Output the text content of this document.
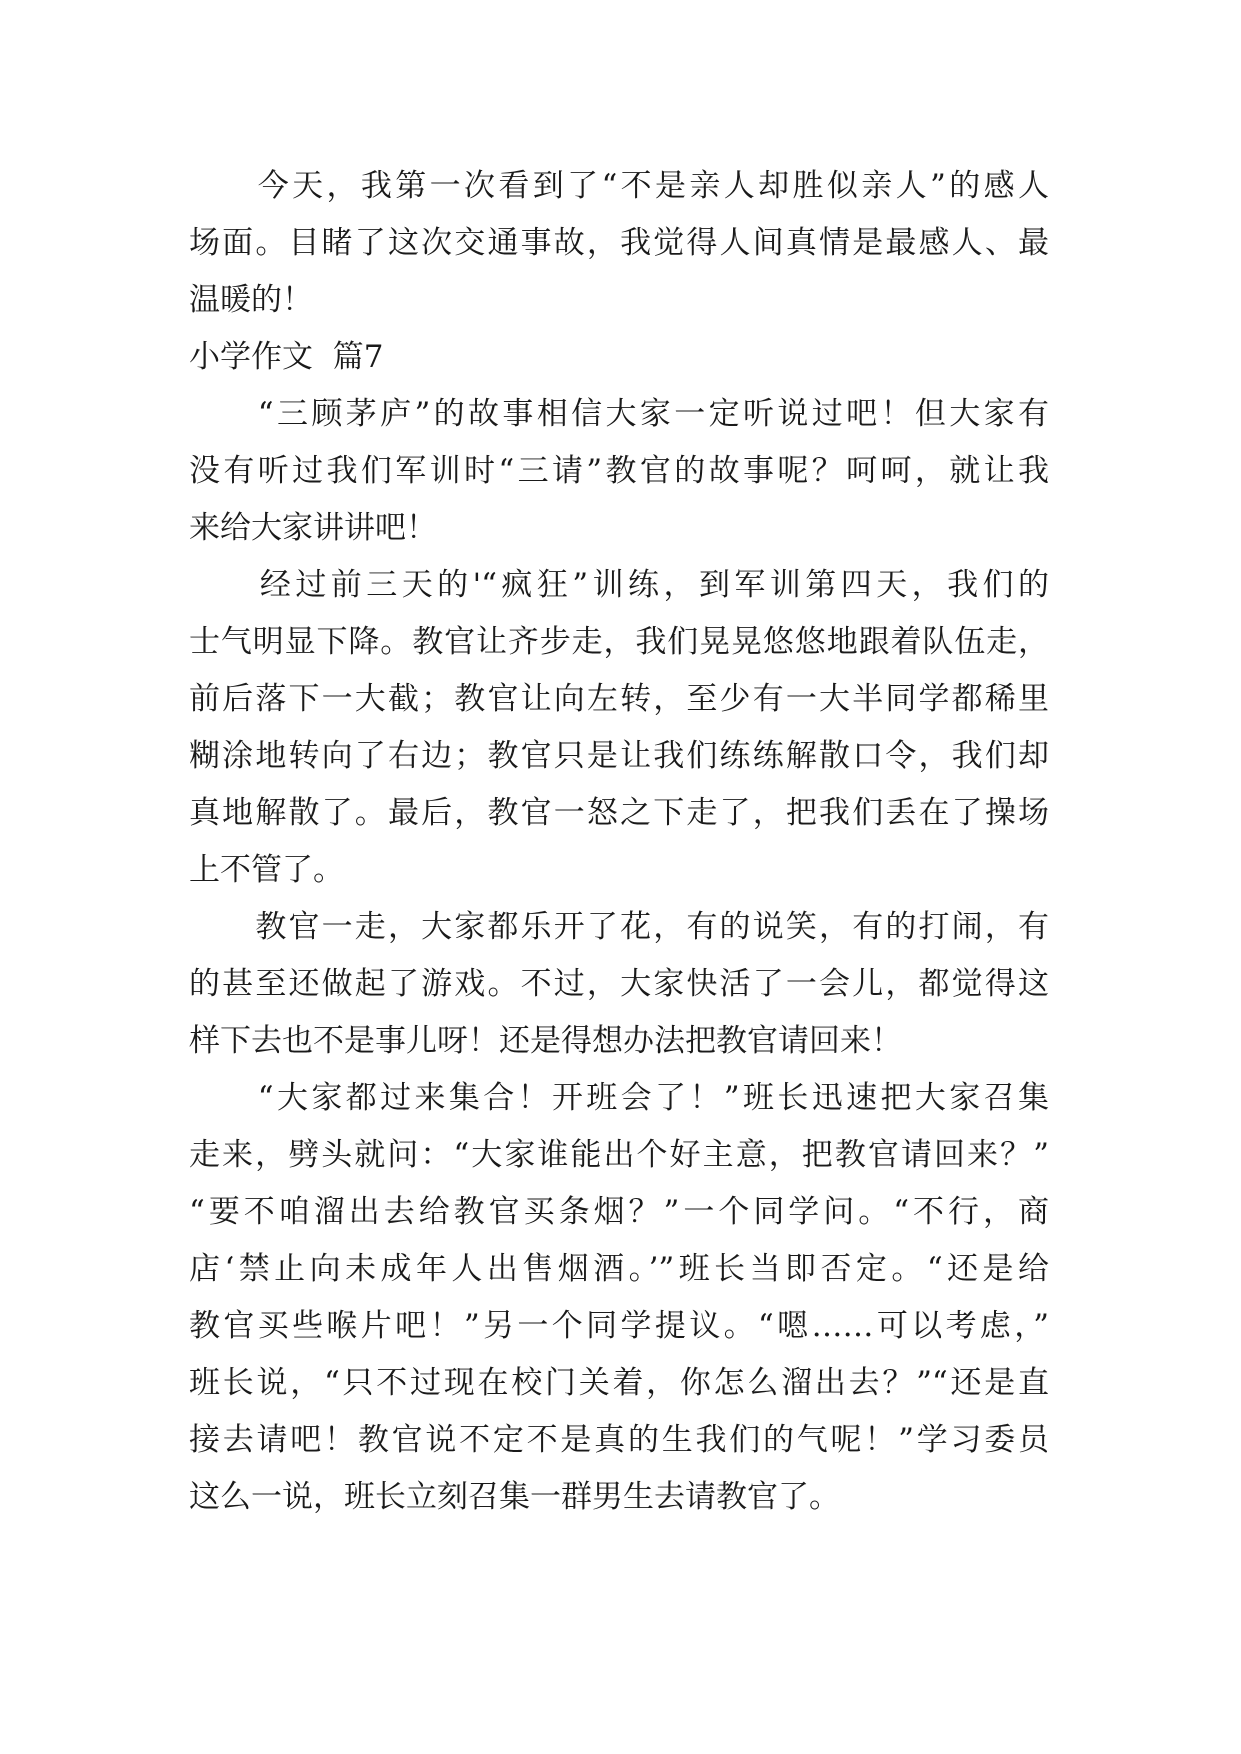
　　今天，我第一次看到了“不是亲人却胜似亲人”的感人
场面。目睹了这次交通事故，我觉得人间真情是最感人、最
温暖的！

小学作文  篇7

　　“三顾茅庐”的故事相信大家一定听说过吧！但大家有
没有听过我们军训时“三请”教官的故事呢？呵呵，就让我
来给大家讲讲吧！

　　经过前三天的'“疯狂”训练，到军训第四天，我们的
士气明显下降。教官让齐步走，我们晃晃悠悠地跟着队伍走，
前后落下一大截；教官让向左转，至少有一大半同学都稀里
糊涂地转向了右边；教官只是让我们练练解散口令，我们却
真地解散了。最后，教官一怒之下走了，把我们丢在了操场
上不管了。

　　教官一走，大家都乐开了花，有的说笑，有的打闹，有
的甚至还做起了游戏。不过，大家快活了一会儿，都觉得这
样下去也不是事儿呀！还是得想办法把教官请回来！

　　“大家都过来集合！开班会了！”班长迅速把大家召集
走来，劈头就问：“大家谁能出个好主意，把教官请回来？”
“要不咱溜出去给教官买条烟？”一个同学问。“不行，商
店‘禁止向未成年人出售烟酒。’”班长当即否定。“还是给
教官买些喉片吧！”另一个同学提议。“嗯……可以考虑，”
班长说，“只不过现在校门关着，你怎么溜出去？”“还是直
接去请吧！教官说不定不是真的生我们的气呢！”学习委员
这么一说，班长立刻召集一群男生去请教官了。
